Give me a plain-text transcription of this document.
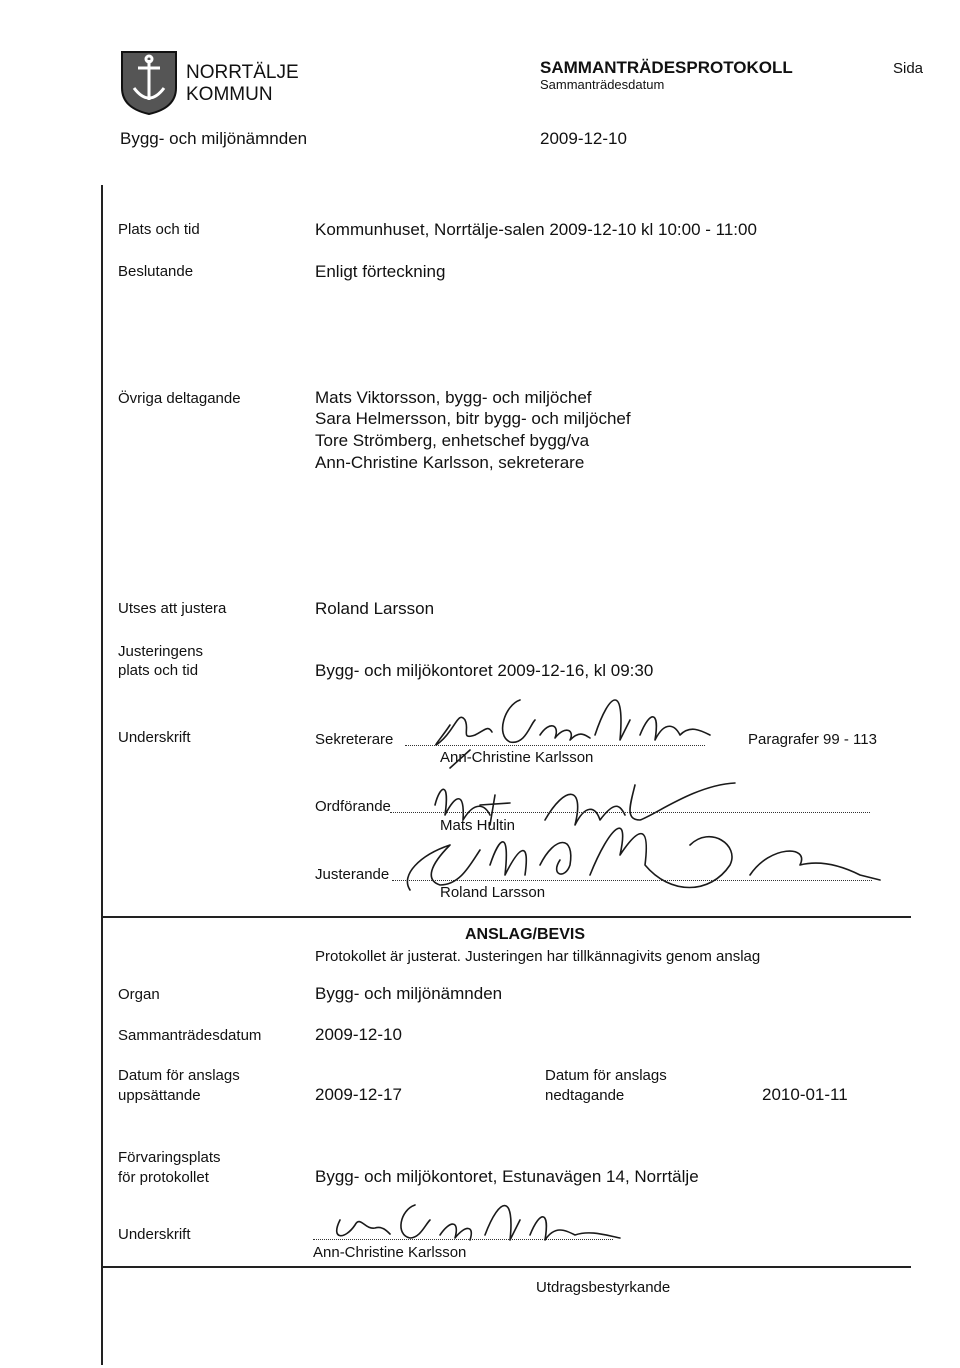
NORRTÄLJE
KOMMUN
SAMMANTRÄDESPROTOKOLL
Sammanträdesdatum
Sida
Bygg- och miljönämnden	2009-12-10
Plats och tid	Kommunhuset, Norrtälje-salen 2009-12-10 kl 10:00 - 11:00
Beslutande	Enligt förteckning
Övriga deltagande	Mats Viktorsson, bygg- och miljöchef
Sara Helmersson, bitr bygg- och miljöchef
Tore Strömberg, enhetschef bygg/va
Ann-Christine Karlsson, sekreterare
Utses att justera	Roland Larsson
Justeringens
plats och tid	Bygg- och miljökontoret 2009-12-16, kl 09:30
Underskrift	Sekreterare	Paragrafer 99 - 113
Ann-Christine Karlsson
Ordförande
Mats Hultin
Justerande
Roland Larsson
ANSLAG/BEVIS
Protokollet är justerat. Justeringen har tillkännagivits genom anslag
Organ	Bygg- och miljönämnden
Sammanträdesdatum	2009-12-10
Datum för anslags
uppsättande	2009-12-17
Datum för anslags
nedtagande	2010-01-11
Förvaringsplats
för protokollet	Bygg- och miljökontoret, Estunavägen 14, Norrtälje
Underskrift
Ann-Christine Karlsson
Utdragsbestyrkande
